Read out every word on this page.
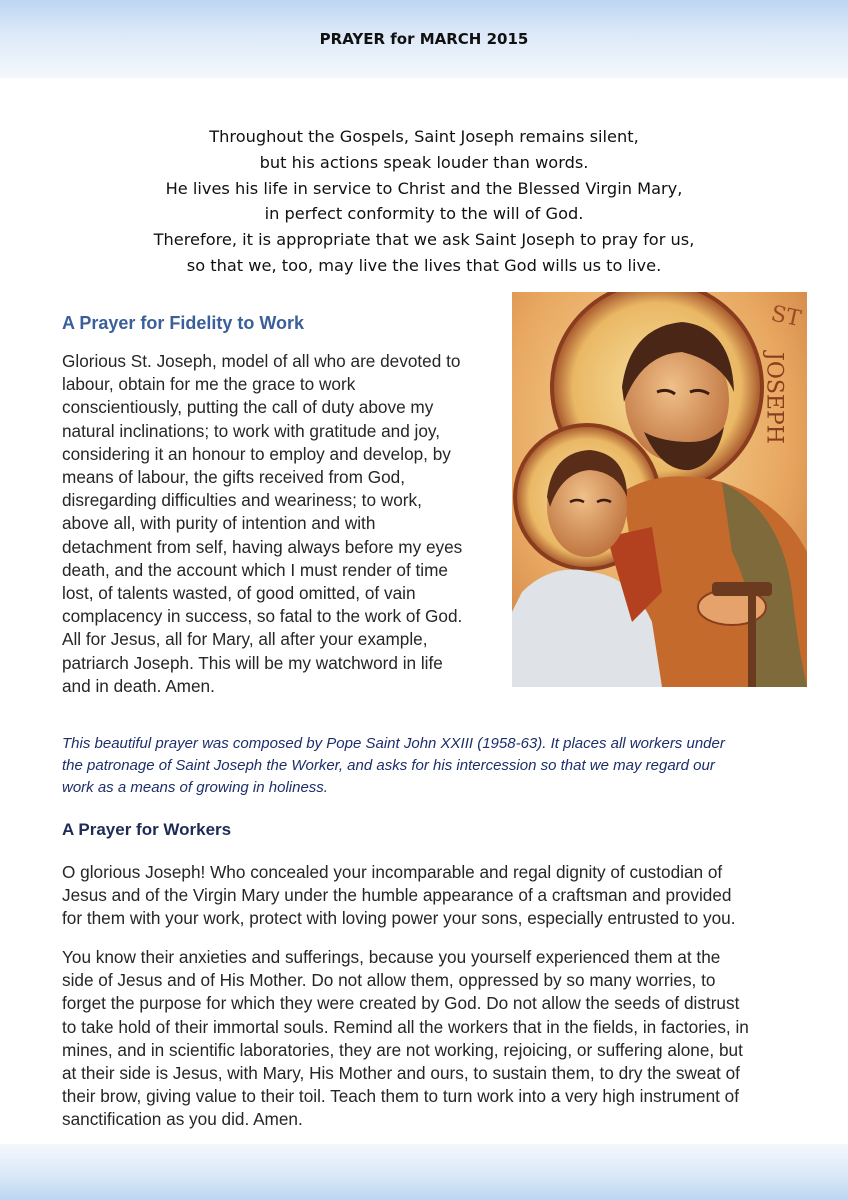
PRAYER for MARCH 2015
Throughout the Gospels, Saint Joseph remains silent,
but his actions speak louder than words.
He lives his life in service to Christ and the Blessed Virgin Mary,
in perfect conformity to the will of God.
Therefore, it is appropriate that we ask Saint Joseph to pray for us,
so that we, too, may live the lives that God wills us to live.
A Prayer for Fidelity to Work
Glorious St. Joseph, model of all who are devoted to
labour, obtain for me the grace to work
conscientiously, putting the call of duty above my
natural inclinations; to work with gratitude and joy,
considering it an honour to employ and develop, by
means of labour, the gifts received from God,
disregarding difficulties and weariness; to work,
above all, with purity of intention and with
detachment from self, having always before my eyes
death, and the account which I must render of time
lost, of talents wasted, of good omitted, of vain
complacency in success, so fatal to the work of God.
All for Jesus, all for Mary, all after your example,
patriarch Joseph. This will be my watchword in life
and in death. Amen.
ST
JOSEPH
This beautiful prayer was composed by Pope Saint John XXIII (1958-63). It places all workers under
the patronage of Saint Joseph the Worker, and asks for his intercession so that we may regard our
work as a means of growing in holiness.
A Prayer for Workers
O glorious Joseph! Who concealed your incomparable and regal dignity of custodian of
Jesus and of the Virgin Mary under the humble appearance of a craftsman and provided
for them with your work, protect with loving power your sons, especially entrusted to you.
You know their anxieties and sufferings, because you yourself experienced them at the
side of Jesus and of His Mother. Do not allow them, oppressed by so many worries, to
forget the purpose for which they were created by God. Do not allow the seeds of distrust
to take hold of their immortal souls. Remind all the workers that in the fields, in factories, in
mines, and in scientific laboratories, they are not working, rejoicing, or suffering alone, but
at their side is Jesus, with Mary, His Mother and ours, to sustain them, to dry the sweat of
their brow, giving value to their toil. Teach them to turn work into a very high instrument of
sanctification as you did. Amen.
